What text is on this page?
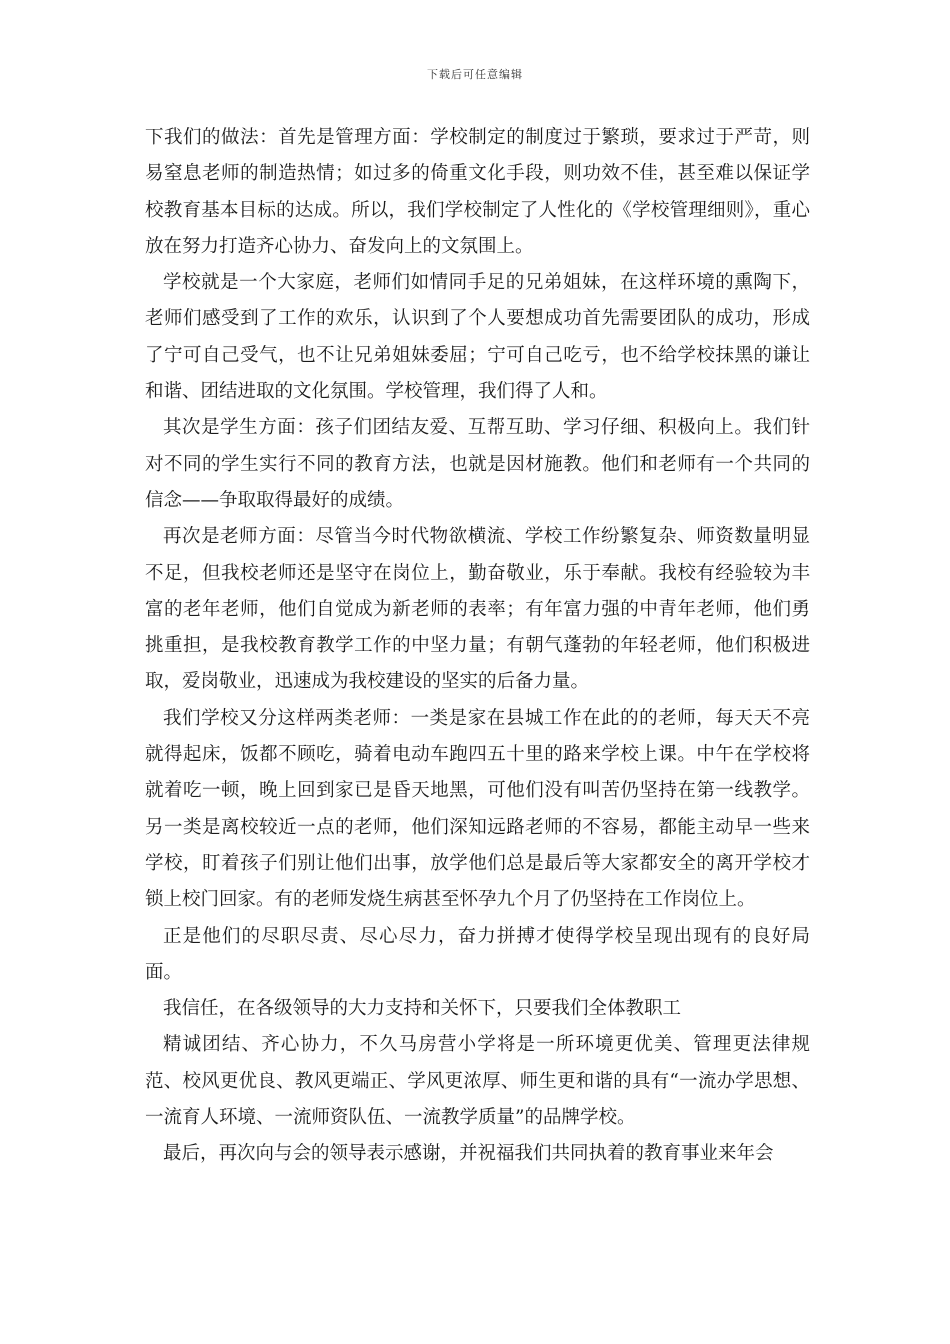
下载后可任意编辑

下我们的做法：首先是管理方面：学校制定的制度过于繁琐，要求过于严苛，则易窒息老师的制造热情；如过多的倚重文化手段，则功效不佳，甚至难以保证学校教育基本目标的达成。所以，我们学校制定了人性化的《学校管理细则》，重心放在努力打造齐心协力、奋发向上的文氛围上。

学校就是一个大家庭，老师们如情同手足的兄弟姐妹，在这样环境的熏陶下，老师们感受到了工作的欢乐，认识到了个人要想成功首先需要团队的成功，形成了宁可自己受气，也不让兄弟姐妹委屈；宁可自己吃亏，也不给学校抹黑的谦让和谐、团结进取的文化氛围。学校管理，我们得了人和。

其次是学生方面：孩子们团结友爱、互帮互助、学习仔细、积极向上。我们针对不同的学生实行不同的教育方法，也就是因材施教。他们和老师有一个共同的信念——争取取得最好的成绩。

再次是老师方面：尽管当今时代物欲横流、学校工作纷繁复杂、师资数量明显不足，但我校老师还是坚守在岗位上，勤奋敬业，乐于奉献。我校有经验较为丰富的老年老师，他们自觉成为新老师的表率；有年富力强的中青年老师，他们勇挑重担，是我校教育教学工作的中坚力量；有朝气蓬勃的年轻老师，他们积极进取，爱岗敬业，迅速成为我校建设的坚实的后备力量。

我们学校又分这样两类老师：一类是家在县城工作在此的的老师，每天天不亮就得起床，饭都不顾吃，骑着电动车跑四五十里的路来学校上课。中午在学校将就着吃一顿，晚上回到家已是昏天地黑，可他们没有叫苦仍坚持在第一线教学。另一类是离校较近一点的老师，他们深知远路老师的不容易，都能主动早一些来学校，盯着孩子们别让他们出事，放学他们总是最后等大家都安全的离开学校才锁上校门回家。有的老师发烧生病甚至怀孕九个月了仍坚持在工作岗位上。

正是他们的尽职尽责、尽心尽力，奋力拼搏才使得学校呈现出现有的良好局面。

我信任，在各级领导的大力支持和关怀下，只要我们全体教职工

精诚团结、齐心协力，不久马房营小学将是一所环境更优美、管理更法律规范、校风更优良、教风更端正、学风更浓厚、师生更和谐的具有“一流办学思想、一流育人环境、一流师资队伍、一流教学质量”的品牌学校。

最后，再次向与会的领导表示感谢，并祝福我们共同执着的教育事业来年会
